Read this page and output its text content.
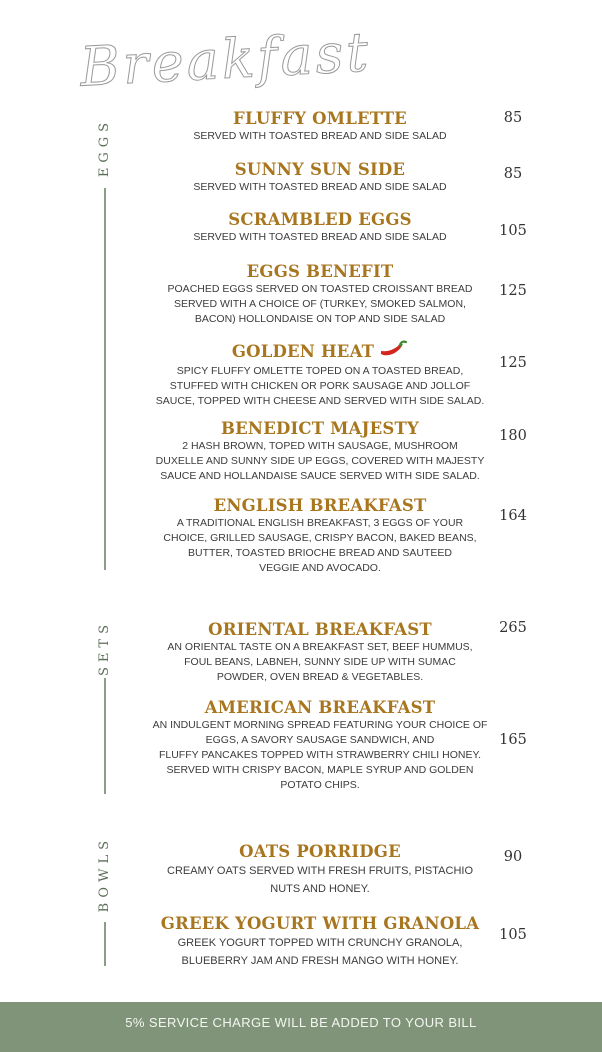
Breakfast
EGGS	FLUFFY OMLETTE
SERVED WITH TOASTED BREAD AND SIDE SALAD
85
SUNNY SUN SIDE
SERVED WITH TOASTED BREAD AND SIDE SALAD
85
SCRAMBLED EGGS
SERVED WITH TOASTED BREAD AND SIDE SALAD	105
EGGS BENEFIT
POACHED EGGS SERVED ON TOASTED CROISSANT BREAD
SERVED WITH A CHOICE OF (TURKEY, SMOKED SALMON,
BACON) HOLLONDAISE ON TOP AND SIDE SALAD
125
GOLDEN HEAT
SPICY FLUFFY OMLETTE TOPED ON A TOASTED BREAD,
STUFFED WITH CHICKEN OR PORK SAUSAGE AND JOLLOF
SAUCE, TOPPED WITH CHEESE AND SERVED WITH SIDE SALAD.
125
BENEDICT MAJESTY
2 HASH BROWN, TOPED WITH SAUSAGE, MUSHROOM
DUXELLE AND SUNNY SIDE UP EGGS, COVERED WITH MAJESTY
SAUCE AND HOLLANDAISE SAUCE SERVED WITH SIDE SALAD.
180
ENGLISH BREAKFAST
A TRADITIONAL ENGLISH BREAKFAST, 3 EGGS OF YOUR
CHOICE, GRILLED SAUSAGE, CRISPY BACON, BAKED BEANS,
BUTTER, TOASTED BRIOCHE BREAD AND SAUTEED
VEGGIE AND AVOCADO.
164
SETS	ORIENTAL BREAKFAST
AN ORIENTAL TASTE ON A BREAKFAST SET, BEEF HUMMUS,
FOUL BEANS, LABNEH, SUNNY SIDE UP WITH SUMAC
POWDER, OVEN BREAD & VEGETABLES.
265
AMERICAN BREAKFAST
AN INDULGENT MORNING SPREAD FEATURING YOUR CHOICE OF
EGGS, A SAVORY SAUSAGE SANDWICH, AND
FLUFFY PANCAKES TOPPED WITH STRAWBERRY CHILI HONEY.
SERVED WITH CRISPY BACON, MAPLE SYRUP AND GOLDEN
POTATO CHIPS.
165
BOWLS	OATS PORRIDGE
CREAMY OATS SERVED WITH FRESH FRUITS, PISTACHIO
NUTS AND HONEY.
90
GREEK YOGURT WITH GRANOLA
GREEK YOGURT TOPPED WITH CRUNCHY GRANOLA,
BLUEBERRY JAM AND FRESH MANGO WITH HONEY.
105
5% SERVICE CHARGE WILL BE ADDED TO YOUR BILL
